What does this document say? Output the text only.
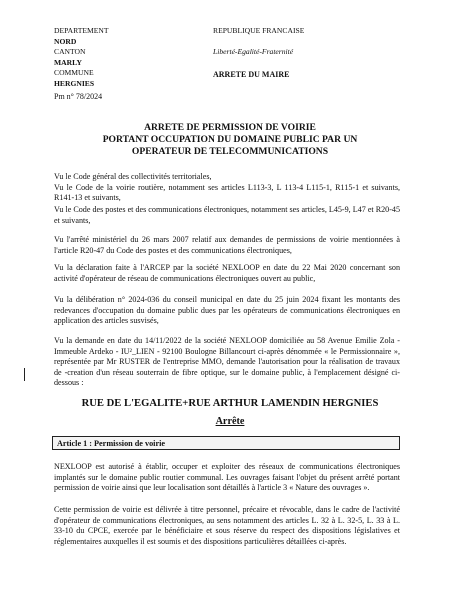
DEPARTEMENT
NORD
CANTON
MARLY
COMMUNE
HERGNIES
Pm n° 78/2024
REPUBLIQUE FRANCAISE
Liberté-Egalité-Fraternité
ARRETE DU MAIRE
ARRETE DE PERMISSION DE VOIRIE
PORTANT OCCUPATION DU DOMAINE PUBLIC PAR UN
OPERATEUR DE TELECOMMUNICATIONS

Vu le Code général des collectivités territoriales,

Vu le Code de la voirie routière, notamment ses articles L113-3, L 113-4 L115-1, R115-1 et suivants, R141-13 et suivants,

Vu le Code des postes et des communications électroniques, notamment ses articles, L45-9, L47 et R20-45 et suivants,

Vu l'arrêté ministériel du 26 mars 2007 relatif aux demandes de permissions de voirie mentionnées à l'article R20-47 du Code des postes et des communications électroniques,

Vu la déclaration faite à l'ARCEP par la société NEXLOOP en date du 22 Mai 2020 concernant son activité d'opérateur de réseau de communications électroniques ouvert au public,

Vu la délibération n° 2024-036 du conseil municipal en date du 25 juin 2024 fixant les montants des redevances d'occupation du domaine public dues par les opérateurs de communications électroniques en application des articles susvisés,

Vu la demande en date du 14/11/2022 de la société NEXLOOP domiciliée au 58 Avenue Emilie Zola - Immeuble Ardeko - IU²_LIEN - 92100 Boulogne Billancourt ci-après dénommée « le Permissionnaire », représentée par Mr RUSTER de l'entreprise MMO, demande l'autorisation pour la réalisation de travaux de -creation d'un réseau souterrain de fibre optique, sur le domaine public, à l'emplacement désigné ci-dessous :

RUE DE L'EGALITE+RUE ARTHUR LAMENDIN HERGNIES
Arrête
Article 1 : Permission de voirie

NEXLOOP est autorisé à établir, occuper et exploiter des réseaux de communications électroniques implantés sur le domaine public routier communal. Les ouvrages faisant l'objet du présent arrêté portant permission de voirie ainsi que leur localisation sont détaillés à l'article 3 « Nature des ouvrages ».

Cette permission de voirie est délivrée à titre personnel, précaire et révocable, dans le cadre de l'activité d'opérateur de communications électroniques, au sens notamment des articles L. 32 à L. 32-5, L. 33 à L. 33-10 du CPCE, exercée par le bénéficiaire et sous réserve du respect des dispositions législatives et réglementaires auxquelles il est soumis et des dispositions particulières détaillées ci-après.
